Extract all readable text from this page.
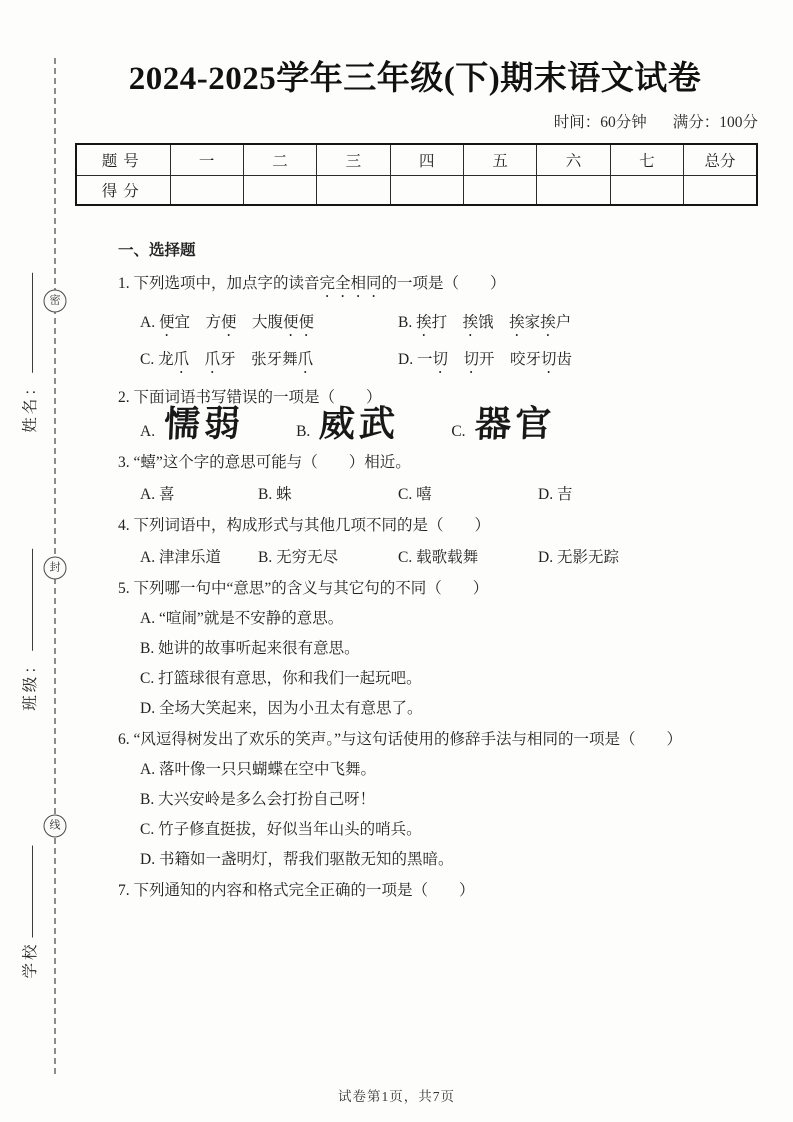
密
封
线
姓名：
班级：
学校
2024-2025学年三年级(下)期末语文试卷
时间：60分钟 满分：100分
题号	一	二	三	四	五	六	七	总分
得分								
一、选择题
1. 下列选项中，加点字的读音完全相同的一项是（　　）
A. 便宜　方便　大腹便便	B. 挨打　挨饿　挨家挨户
C. 龙爪　 爪牙　张牙舞爪	D. 一切　 切开　咬牙切齿
2. 下面词语书写错误的一项是（　　）
A. 懦弱	B. 威武	C. 器官
3. “蟢”这个字的意思可能与（　　）相近。
A. 喜	B. 蛛	C. 嘻	D. 吉
4. 下列词语中，构成形式与其他几项不同的是（　　）
A. 津津乐道	B. 无穷无尽	C. 载歌载舞	D. 无影无踪
5. 下列哪一句中“意思”的含义与其它句的不同（　　）
A. “喧闹”就是不安静的意思。
B. 她讲的故事听起来很有意思。
C. 打篮球很有意思，你和我们一起玩吧。
D. 全场大笑起来，因为小丑太有意思了。
6. “风逗得树发出了欢乐的笑声。”与这句话使用的修辞手法与相同的一项是（　　）
A. 落叶像一只只蝴蝶在空中飞舞。
B. 大兴安岭是多么会打扮自己呀！
C. 竹子修直挺拔，好似当年山头的哨兵。
D. 书籍如一盏明灯，帮我们驱散无知的黑暗。
7. 下列通知的内容和格式完全正确的一项是（　　）
试卷第1页，共7页
